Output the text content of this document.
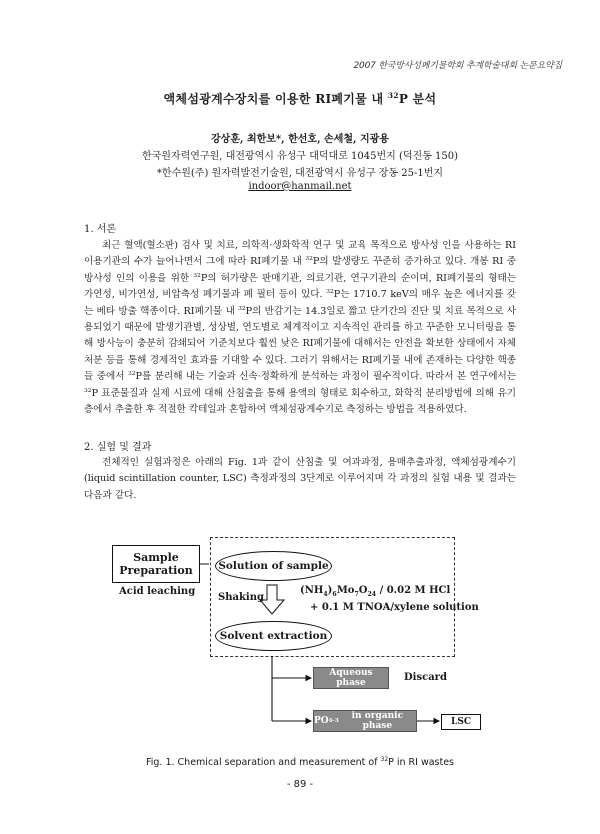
2007 한국방사성폐기물학회 추계학술대회 논문요약집
액체섬광계수장치를 이용한 RI폐기물 내 $^{32}$P 분석
강상훈, 최한보*, 한선호, 손세철, 지광용
한국원자력연구원, 대전광역시 유성구 대덕대로 1045번지 (덕진동 150)
*한수원(주) 원자력발전기술원, 대전광역시 유성구 장동 25-1번지
indoor@hanmail.net
1. 서론

최근 혈액(혈소판) 검사 및 치료, 의학적·생화학적 연구 및 교육 목적으로 방사성 인을 사용하는 RI 이용기관의 수가 늘어나면서 그에 따라 RI폐기물 내 $^{32}$P의 발생량도 꾸준히 증가하고 있다. 개봉 RI 중 방사성 인의 이용을 위한 $^{32}$P의 허가량은 판매기관, 의료기관, 연구기관의 순이며, RI폐기물의 형태는 가연성, 비가연성, 비압축성 폐기물과 폐 필터 등이 있다. $^{32}$P는 1710.7 keV의 매우 높은 에너지를 갖는 베타 방출 핵종이다. RI폐기물 내 $^{32}$P의 반감기는 14.3일로 짧고 단기간의 진단 및 치료 목적으로 사용되었기 때문에 발생기관별, 성상별, 연도별로 체계적이고 지속적인 관리를 하고 꾸준한 모니터링을 통해 방사능이 충분히 감쇄되어 기준치보다 훨씬 낮은 RI폐기물에 대해서는 안전을 확보한 상태에서 자체처분 등을 통해 경제적인 효과를 기대할 수 있다. 그러기 위해서는 RI폐기물 내에 존재하는 다양한 핵종들 중에서 $^{32}$P를 분리해 내는 기술과 신속·정확하게 분석하는 과정이 필수적이다. 따라서 본 연구에서는 $^{32}$P 표준물질과 실제 시료에 대해 산침출을 통해 용액의 형태로 회수하고, 화학적 분리방법에 의해 유기층에서 추출한 후 적절한 칵테일과 혼합하여 액체섬광계수기로 측정하는 방법을 적용하였다.

2. 실험 및 결과

전체적인 실험과정은 아래의 Fig. 1과 같이 산침출 및 여과과정, 용매추출과정, 액체섬광계수기 (liquid scintillation counter, LSC) 측정과정의 3단계로 이루어지며 각 과정의 실험 내용 및 결과는 다음과 같다.

Sample
Preparation
Acid leaching
Solution of sample
Shaking
$(NH_4)_6Mo_7O_{24} / 0.02$ M HCl
+ 0.1 M TNOA/xylene solution
Solvent extraction
Aqueous phase	Discard
PO 4 -3	in organic phase	LSC
Fig. 1. Chemical separation and measurement of $^{32}$P in RI wastes
- 89 -
